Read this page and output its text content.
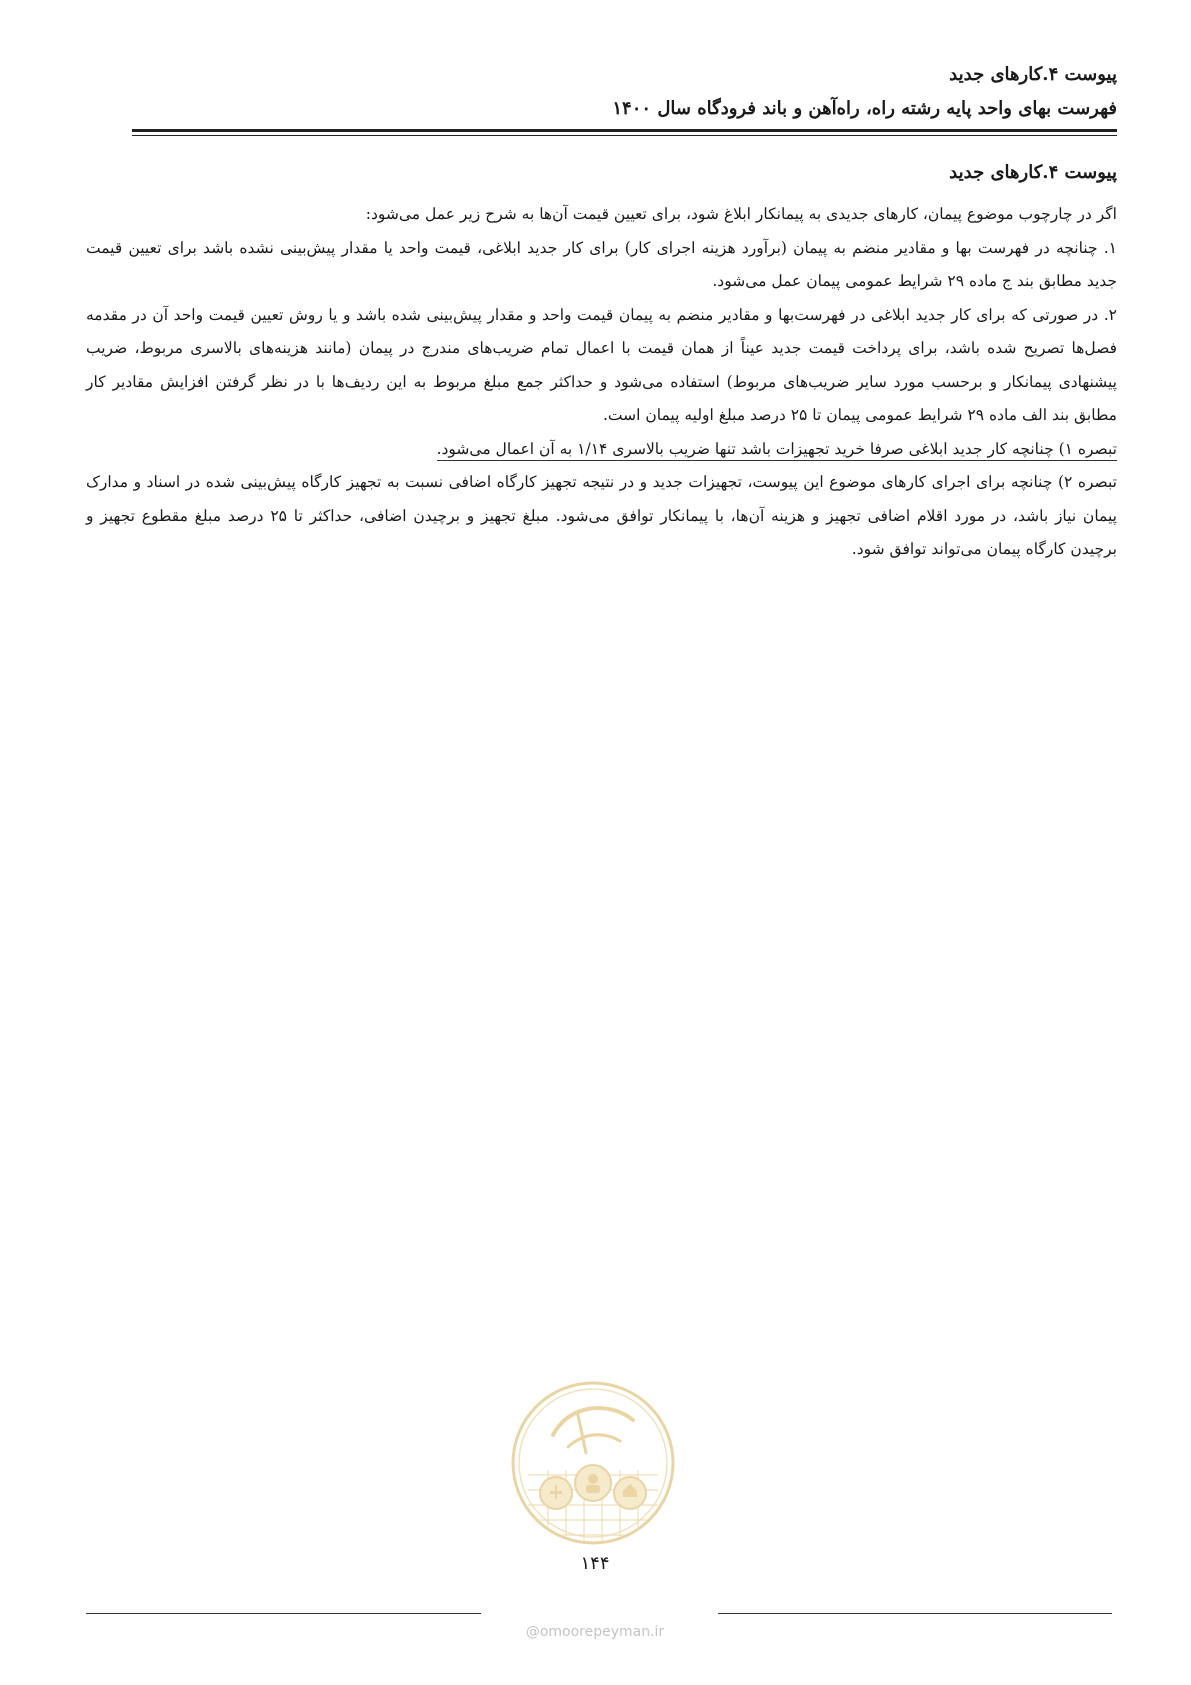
پیوست ۴.کارهای جدید
فهرست بهای واحد پایه رشته راه، راه‌آهن و باند فرودگاه سال ۱۴۰۰
پیوست ۴.کارهای جدید

اگر در چارچوب موضوع پیمان، کارهای جدیدی به پیمانکار ابلاغ شود، برای تعیین قیمت آن‌ها به شرح زیر عمل می‌شود:

۱. چنانچه در فهرست بها و مقادیر منضم به پیمان (برآورد هزینه اجرای کار) برای کار جدید ابلاغی، قیمت واحد یا مقدار پیش‌بینی نشده باشد برای تعیین قیمت جدید مطابق بند ج ماده ۲۹ شرایط عمومی پیمان عمل می‌شود.

۲. در صورتی که برای کار جدید ابلاغی در فهرست‌بها و مقادیر منضم به پیمان قیمت واحد و مقدار پیش‌بینی شده باشد و یا روش تعیین قیمت واحد آن در مقدمه فصل‌ها تصریح شده باشد، برای پرداخت قیمت جدید عیناً از همان قیمت با اعمال تمام ضریب‌های مندرج در پیمان (مانند هزینه‌های بالاسری مربوط، ضریب پیشنهادی پیمانکار و برحسب مورد سایر ضریب‌های مربوط) استفاده می‌شود و حداکثر جمع مبلغ مربوط به این ردیف‌ها با در نظر گرفتن افزایش مقادیر کار مطابق بند الف ماده ۲۹ شرایط عمومی پیمان تا ۲۵ درصد مبلغ اولیه پیمان است.

تبصره ۱) چنانچه کار جدید ابلاغی صرفا خرید تجهیزات باشد تنها ضریب بالاسری ۱/۱۴ به آن اعمال می‌شود.

تبصره ۲) چنانچه برای اجرای کارهای موضوع این پیوست، تجهیزات جدید و در نتیجه تجهیز کارگاه اضافی نسبت به تجهیز کارگاه پیش‌بینی شده در اسناد و مدارک پیمان نیاز باشد، در مورد اقلام اضافی تجهیز و هزینه آن‌ها، با پیمانکار توافق می‌شود. مبلغ تجهیز و برچیدن اضافی، حداکثر تا ۲۵ درصد مبلغ مقطوع تجهیز و برچیدن کارگاه پیمان می‌تواند توافق شود.

۱۴۴
@omoorepeyman.ir
